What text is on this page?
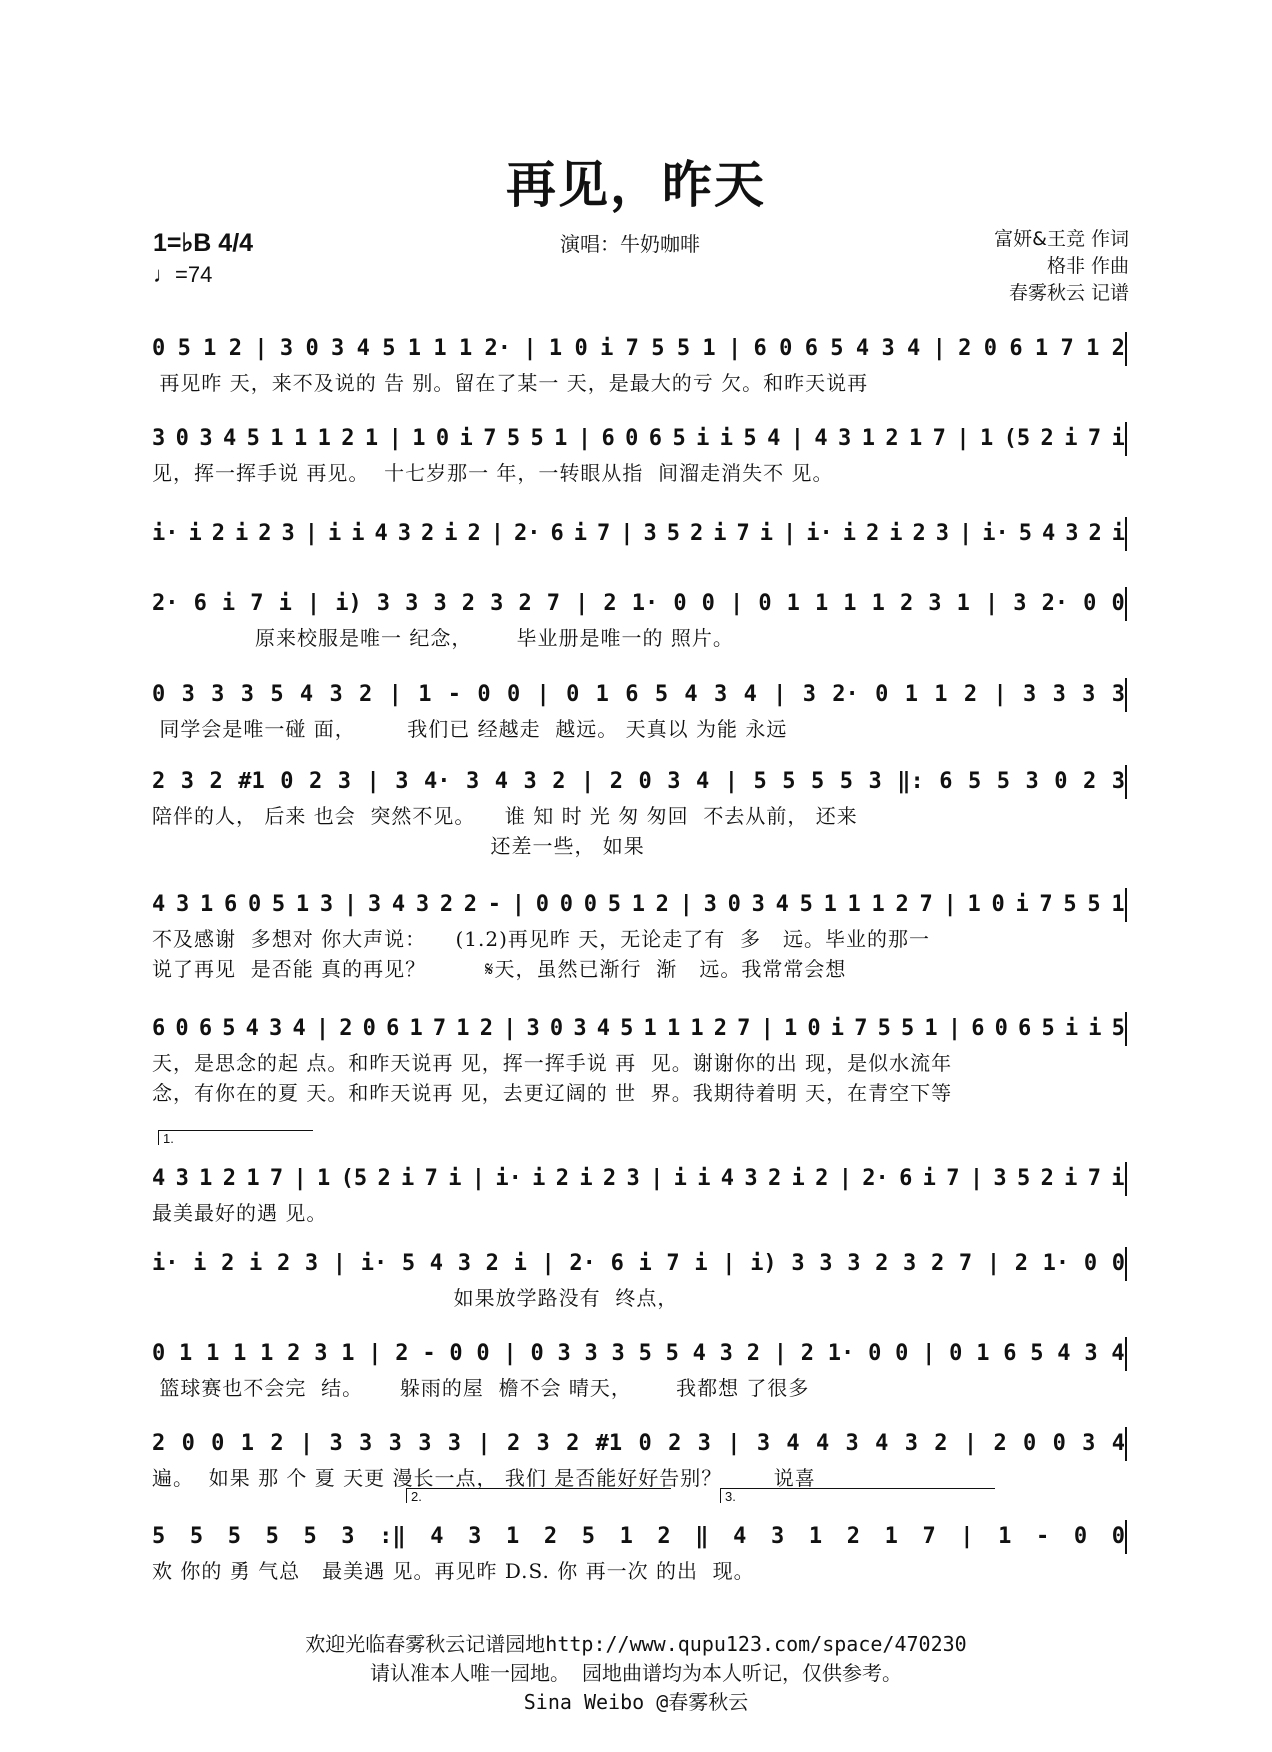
再见，昨天
1=♭B 4/4
♩=74
演唱：牛奶咖啡	富妍&王竞 作词
格非 作曲
春雾秋云 记谱
0 5 1 2 | 3 0 3 4 5 1 1 1 2· | 1 0 i 7 5 5 1 | 6 0 6 5 4 3 4 | 2 0 6 1 7 1 2
再见昨 天，来不及说的 告 别。留在了某一 天，是最大的亏 欠。和昨天说再
3 0 3 4 5 1 1 1 2 1 | 1 0 i 7 5 5 1 | 6 0 6 5 i i 5 4 | 4 3 1 2 1 7 | 1 (5 2 i 7 i
见，挥一挥手说 再见。  十七岁那一 年，一转眼从指  间溜走消失不 见。
i· i 2 i 2 3 | i i 4 3 2 i 2 | 2· 6 i 7 | 3 5 2 i 7 i | i· i 2 i 2 3 | i· 5 4 3 2 i
2· 6 i 7 i | i) 3 3 3 2 3 2 7 | 2 1· 0 0 | 0 1 1 1 1 2 3 1 | 3 2· 0 0
原来校服是唯一 纪念，      毕业册是唯一的 照片。
0 3 3 3 5 4 3 2 | 1 - 0 0 | 0 1 6 5 4 3 4 | 3 2· 0 1 1 2 | 3 3 3 3
同学会是唯一碰 面，       我们已 经越走  越远。 天真以 为能 永远
2 3 2 #1 0 2 3 | 3 4· 3 4 3 2 | 2 0 3 4 | 5 5 5 5 3 ‖: 6 5 5 3 0 2 3
陪伴的人， 后来 也会  突然不见。    谁 知 时 光 匆 匆回  不去从前， 还来
还差一些， 如果
4 3 1 6 0 5 1 3 | 3 4 3 2 2 - | 0 0 0 5 1 2 | 3 0 3 4 5 1 1 1 2 7 | 1 0 i 7 5 5 1
不及感谢  多想对 你大声说：    (1.2)再见昨 天，无论走了有  多   远。毕业的那一
说了再见  是否能 真的再见？        𝄋天，虽然已渐行  渐   远。我常常会想
6 0 6 5 4 3 4 | 2 0 6 1 7 1 2 | 3 0 3 4 5 1 1 1 2 7 | 1 0 i 7 5 5 1 | 6 0 6 5 i i 5
天，是思念的起 点。和昨天说再 见，挥一挥手说 再  见。谢谢你的出 现，是似水流年
念，有你在的夏 天。和昨天说再 见，去更辽阔的 世  界。我期待着明 天，在青空下等
4 3 1 2 1 7 | 1 (5 2 i 7 i | i· i 2 i 2 3 | i i 4 3 2 i 2 | 2· 6 i 7 | 3 5 2 i 7 i
最美最好的遇 见。
i· i 2 i 2 3 | i· 5 4 3 2 i | 2· 6 i 7 i | i) 3 3 3 2 3 2 7 | 2 1· 0 0
如果放学路没有  终点，
0 1 1 1 1 2 3 1 | 2 - 0 0 | 0 3 3 3 5 5 4 3 2 | 2 1· 0 0 | 0 1 6 5 4 3 4
篮球赛也不会完  结。     躲雨的屋  檐不会 晴天，      我都想 了很多
2 0 0 1 2 | 3 3 3 3 3 | 2 3 2 #1 0 2 3 | 3 4 4 3 4 3 2 | 2 0 0 3 4
遍。  如果 那 个 夏 天更 漫长一点， 我们 是否能好好告别？       说喜
5 5 5 5 5 3 :‖ 4 3 1 2 5 1 2 ‖ 4 3 1 2 1 7 | 1 - 0 0
欢 你的 勇 气总   最美遇 见。再见昨 D.S. 你 再一次 的出  现。
欢迎光临春雾秋云记谱园地http://www.qupu123.com/space/470230
请认准本人唯一园地。 园地曲谱均为本人听记，仅供参考。
Sina Weibo @春雾秋云
1.
2.	3.
